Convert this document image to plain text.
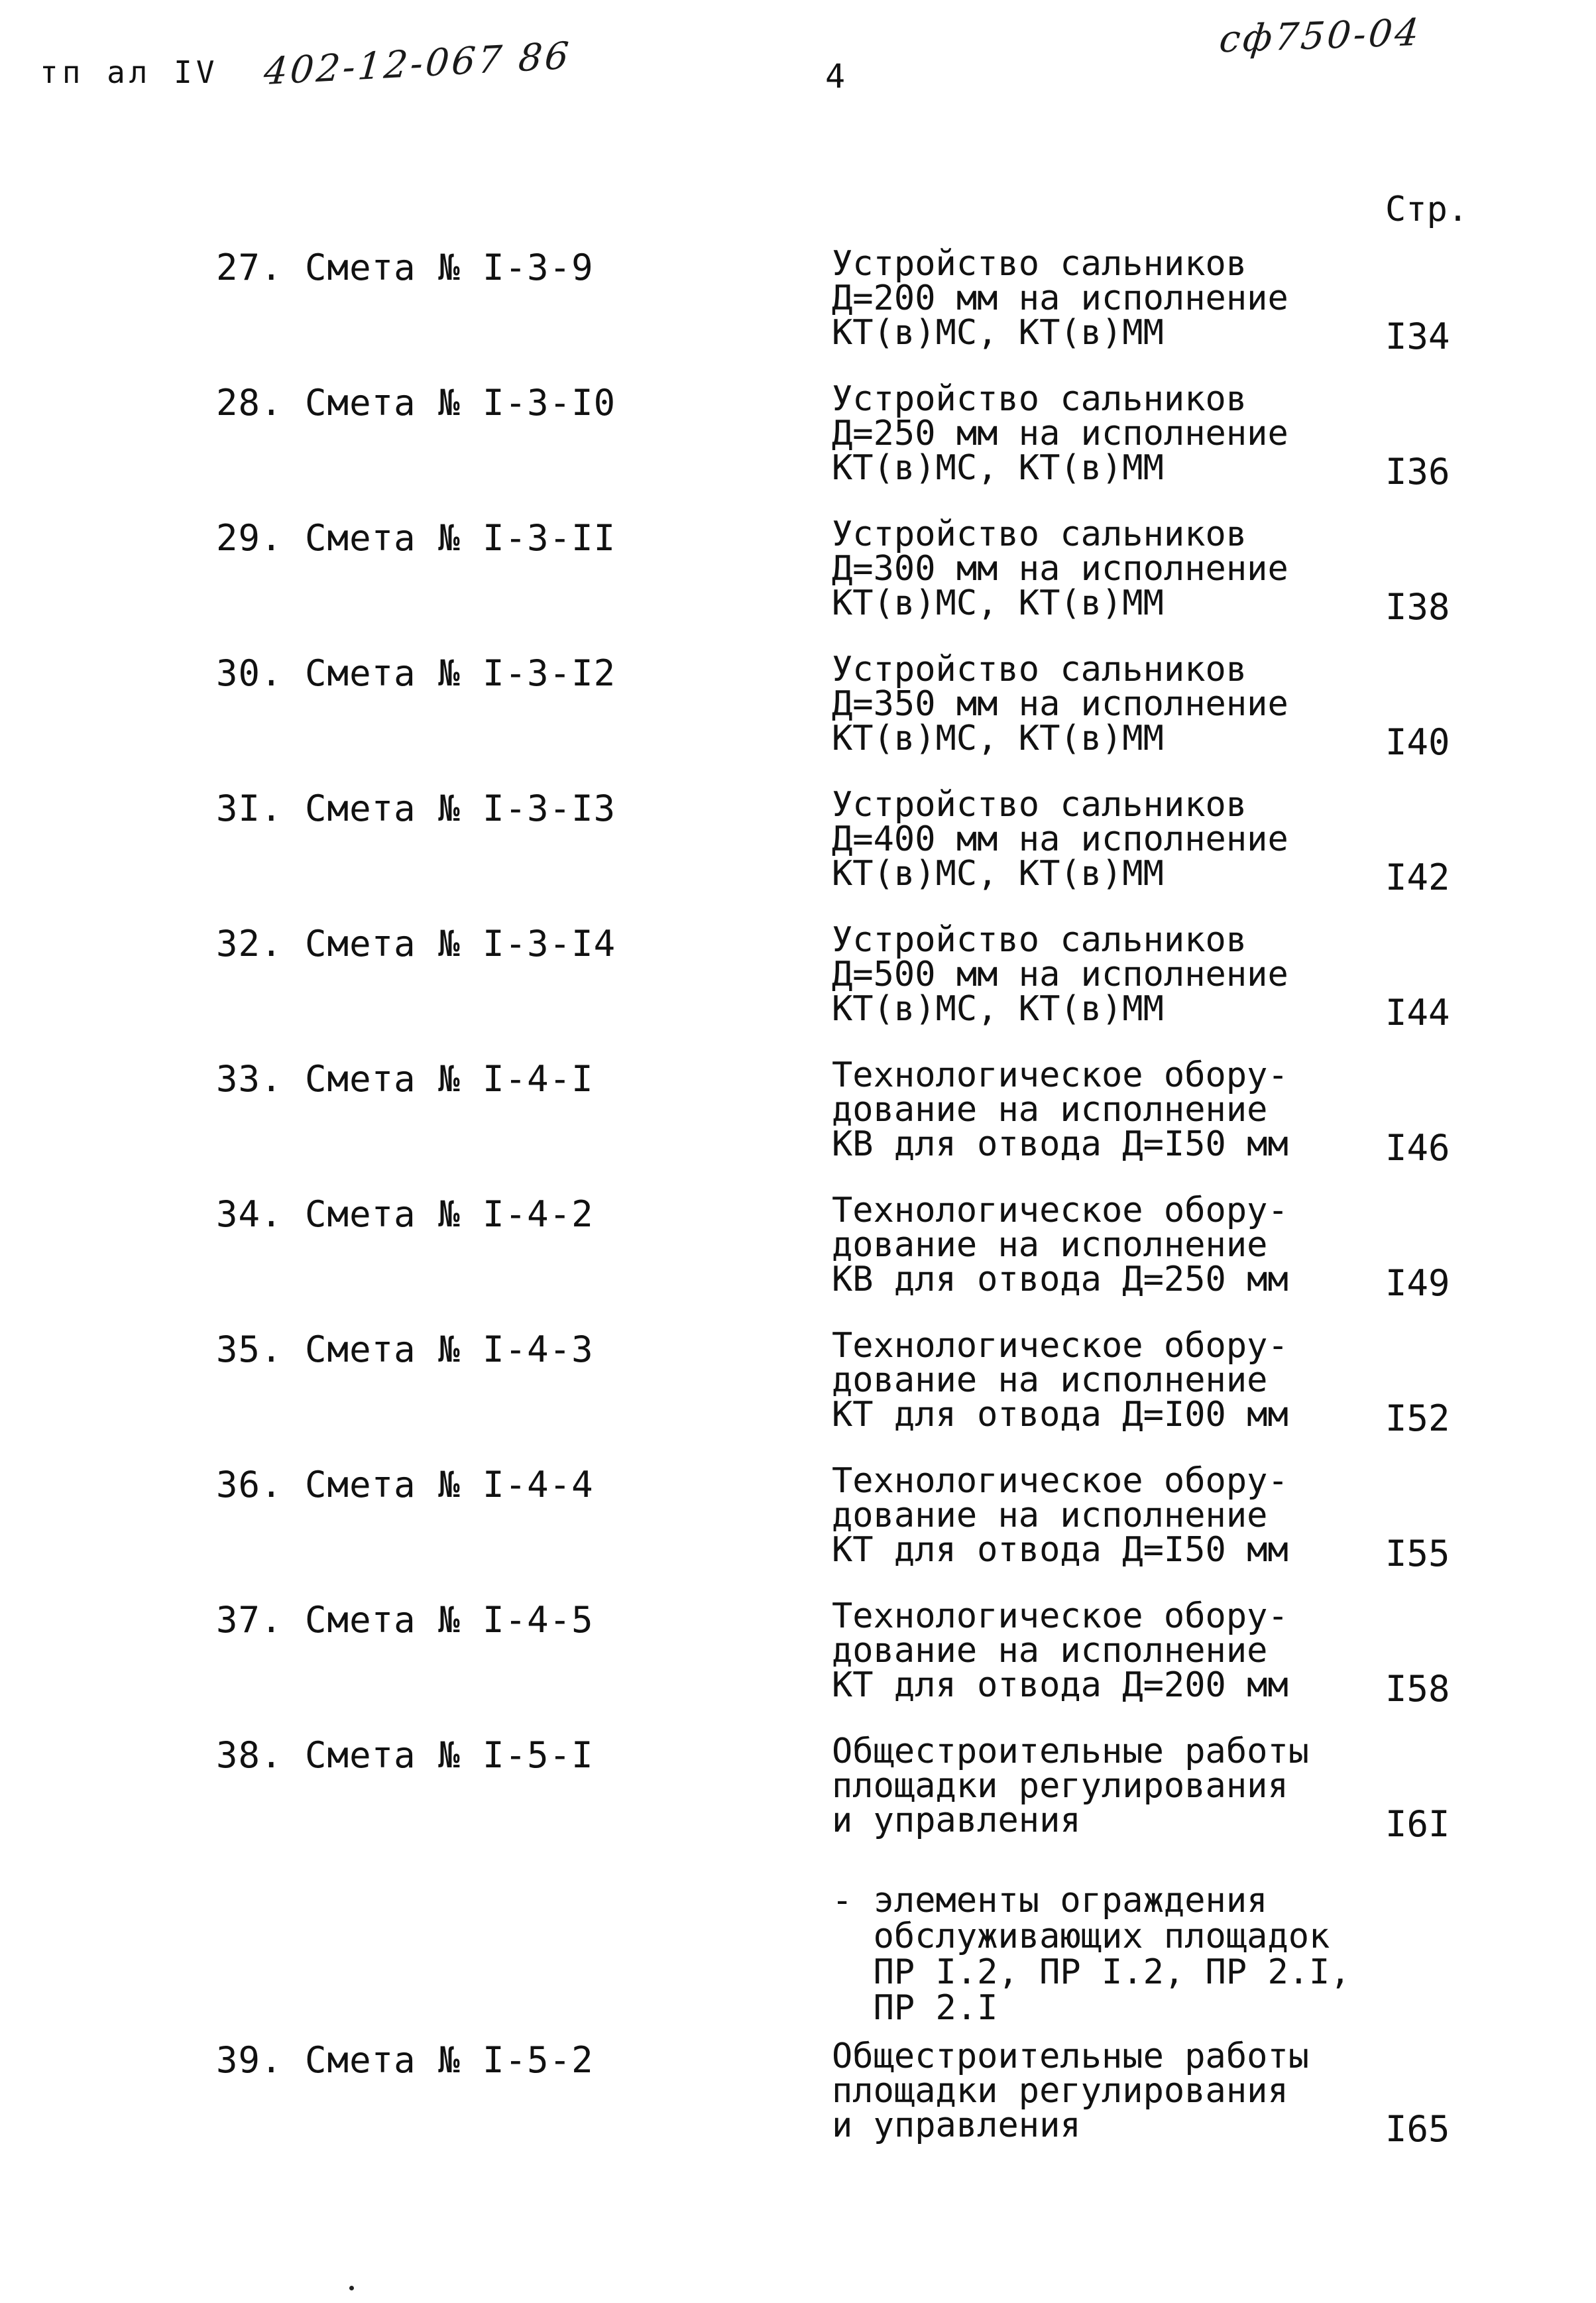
тп ал IV 402-12-067 86	4
сф750-04
Стр.
27. Смета № I-3-9	Устройство сальников
Д=200 мм на исполнение
КТ(в)МС, КТ(в)ММ	I34
28. Смета № I-3-I0	Устройство сальников
Д=250 мм на исполнение
КТ(в)МС, КТ(в)ММ	I36
29. Смета № I-3-II	Устройство сальников
Д=300 мм на исполнение
КТ(в)МС, КТ(в)ММ	I38
30. Смета № I-3-I2	Устройство сальников
Д=350 мм на исполнение
КТ(в)МС, КТ(в)ММ	I40
3I. Смета № I-3-I3	Устройство сальников
Д=400 мм на исполнение
КТ(в)МС, КТ(в)ММ	I42
32. Смета № I-3-I4	Устройство сальников
Д=500 мм на исполнение
КТ(в)МС, КТ(в)ММ	I44
33. Смета № I-4-I	Технологическое обору-
дование на исполнение
КВ для отвода Д=I50 мм	I46
34. Смета № I-4-2	Технологическое обору-
дование на исполнение
КВ для отвода Д=250 мм	I49
35. Смета № I-4-3	Технологическое обору-
дование на исполнение
КТ для отвода Д=I00 мм	I52
36. Смета № I-4-4	Технологическое обору-
дование на исполнение
КТ для отвода Д=I50 мм	I55
37. Смета № I-4-5	Технологическое обору-
дование на исполнение
КТ для отвода Д=200 мм	I58
38. Смета № I-5-I	Общестроительные работы
площадки регулирования
и управления	I6I
- элементы ограждения
обслуживающих площадок
ПР I.2, ПР I.2, ПР 2.I,
ПР 2.I
39. Смета № I-5-2	Общестроительные работы
площадки регулирования
и управления	I65
